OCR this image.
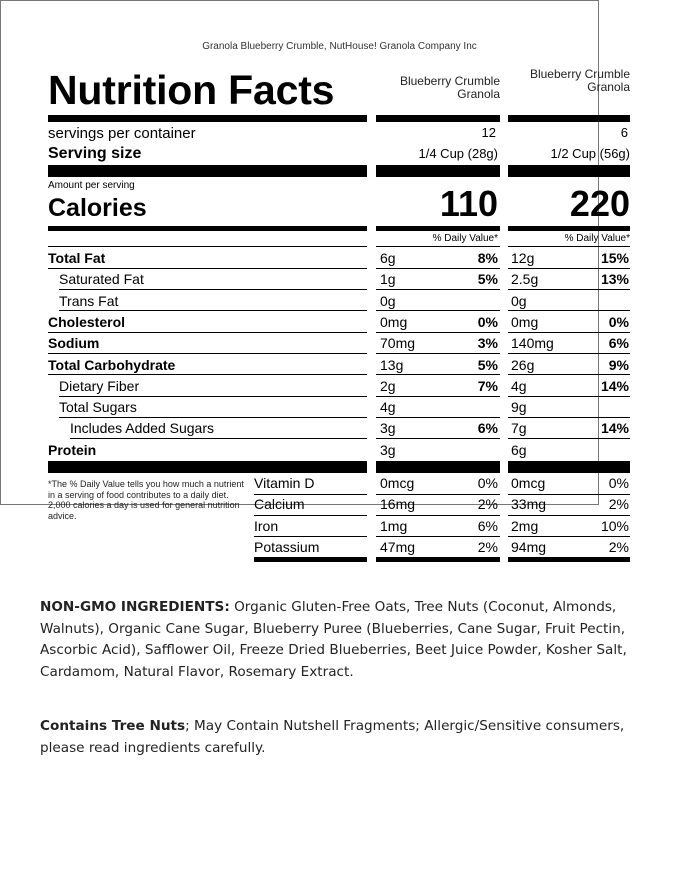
Granola Blueberry Crumble, NutHouse! Granola Company Inc
Nutrition Facts	Blueberry Crumble
Granola
Blueberry Crumble
Granola
servings per container	12	6
Serving size	1/4 Cup (28g)	1/2 Cup (56g)
Amount per serving
Calories	110	220
% Daily Value*	% Daily Value*
Total Fat	6g	8% 12g	15%
Saturated Fat	1g	5% 2.5g	13%
Trans Fat	0g	0g
Cholesterol	0mg	0% 0mg	0%
Sodium	70mg	3% 140mg	6%
Total Carbohydrate	13g	5% 26g	9%
Dietary Fiber	2g	7% 4g	14%
Total Sugars	4g	9g
Includes Added Sugars	3g	6% 7g	14%
Protein	3g	6g
*The % Daily Value tells you how much a nutrient in a serving of food contributes to a daily diet. 2,000 calories a day is used for general nutrition advice.
Vitamin D	0mcg	0% 0mcg	0%
Calcium	16mg	2% 33mg	2%
Iron	1mg	6% 2mg	10%
Potassium	47mg	2% 94mg	2%
NON-GMO INGREDIENTS: Organic Gluten-Free Oats, Tree Nuts (Coconut, Almonds, Walnuts), Organic Cane Sugar, Blueberry Puree (Blueberries, Cane Sugar, Fruit Pectin, Ascorbic Acid), Safflower Oil, Freeze Dried Blueberries, Beet Juice Powder, Kosher Salt, Cardamom, Natural Flavor, Rosemary Extract.
Contains Tree Nuts; May Contain Nutshell Fragments; Allergic/Sensitive consumers, please read ingredients carefully.
